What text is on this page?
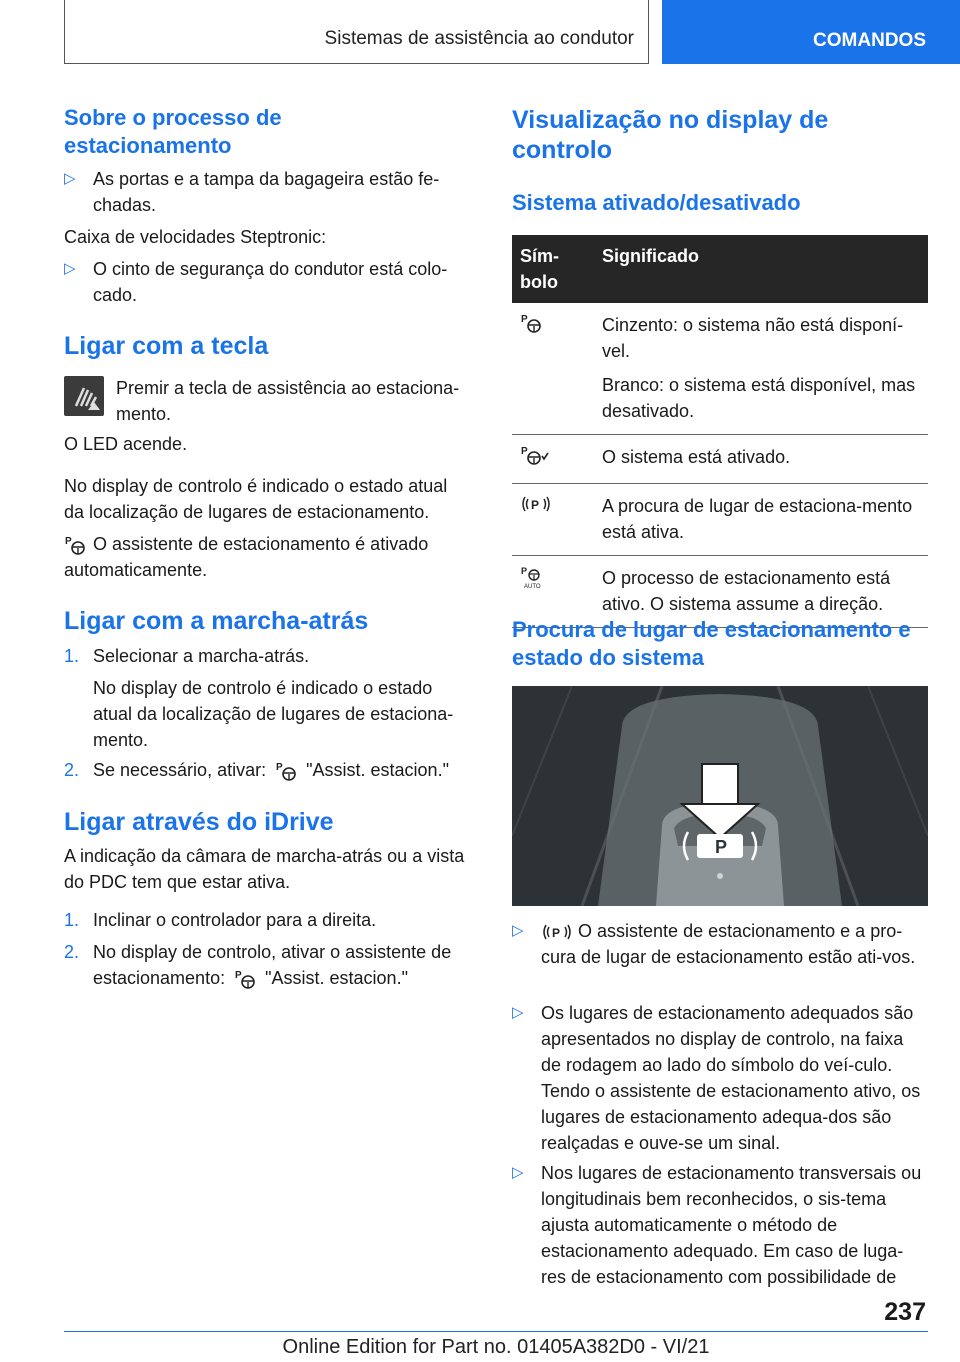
Sistemas de assistência ao condutor	COMANDOS
Sobre o processo de estacionamento
▷ As portas e a tampa da bagageira estão fe-chadas.

Caixa de velocidades Steptronic:

▷ O cinto de segurança do condutor está colo-cado.
Ligar com a tecla

Premir a tecla de assistência ao estaciona-mento.

O LED acende.

No display de controlo é indicado o estado atual da localização de lugares de estacionamento.

P O assistente de estacionamento é ativado automaticamente.
Ligar com a marcha-atrás
1. Selecionar a marcha-atrás.

No display de controlo é indicado o estado atual da localização de lugares de estaciona-mento.

2. Se necessário, ativar: P "Assist. estacion."
Ligar através do iDrive

A indicação da câmara de marcha-atrás ou a vista do PDC tem que estar ativa.

1. Inclinar o controlador para a direita.
2. No display de controlo, ativar o assistente de estacionamento: P "Assist. estacion."
Visualização no display de controlo
Sistema ativado/desativado
Sím-bolo	Significado

P	Cinzento: o sistema não está disponí-vel.

Branco: o sistema está disponível, mas desativado.

P	O sistema está ativado.

P	A procura de lugar de estaciona-mento está ativa.

P
AUTO	O processo de estacionamento está ativo. O sistema assume a direção.

Procura de lugar de estacionamento e estado do sistema
P
▷ P O assistente de estacionamento e a pro-cura de lugar de estacionamento estão ati-vos.
▷ Os lugares de estacionamento adequados são apresentados no display de controlo, na faixa de rodagem ao lado do símbolo do veí-culo. Tendo o assistente de estacionamento ativo, os lugares de estacionamento adequa-dos são realçadas e ouve-se um sinal.
▷ Nos lugares de estacionamento transversais ou longitudinais bem reconhecidos, o sis-tema ajusta automaticamente o método de estacionamento adequado. Em caso de luga-res de estacionamento com possibilidade de
237
Online Edition for Part no. 01405A382D0 - VI/21
